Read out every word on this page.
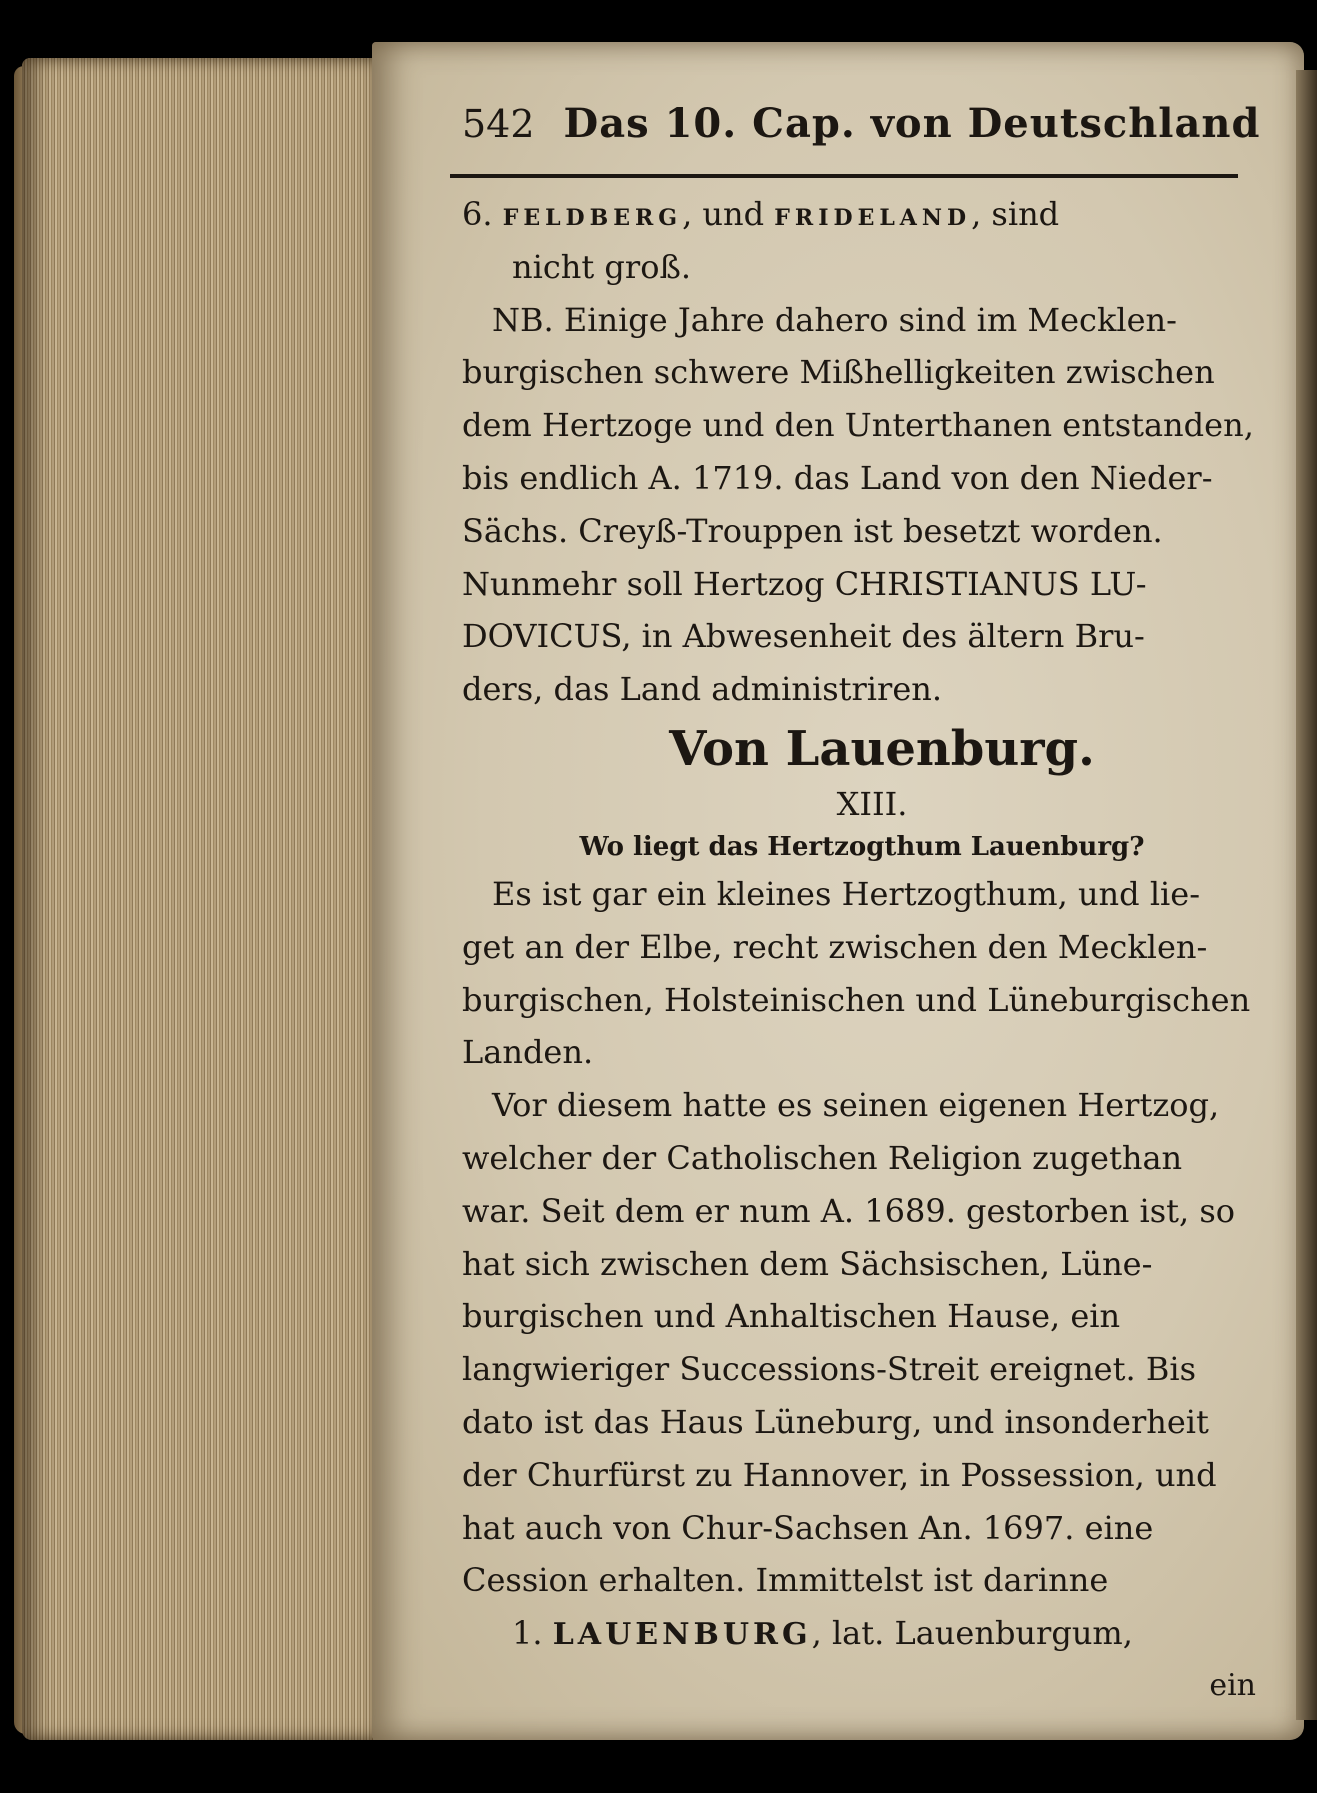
542 Das 10. Cap. von Deutschland
6. FELDBERG, und FRIDELAND, sind
nicht groß.
NB. Einige Jahre dahero sind im Mecklen-
burgischen schwere Mißhelligkeiten zwischen
dem Hertzoge und den Unterthanen entstanden,
bis endlich A. 1719. das Land von den Nieder-
Sächs. Creyß-Trouppen ist besetzt worden.
Nunmehr soll Hertzog CHRISTIANUS LU-
DOVICUS, in Abwesenheit des ältern Bru-
ders, das Land administriren.
Von Lauenburg.
XIII.
Wo liegt das Hertzogthum Lauenburg?
Es ist gar ein kleines Hertzogthum, und lie-
get an der Elbe, recht zwischen den Mecklen-
burgischen, Holsteinischen und Lüneburgischen
Landen.
Vor diesem hatte es seinen eigenen Hertzog,
welcher der Catholischen Religion zugethan
war. Seit dem er num A. 1689. gestorben ist, so
hat sich zwischen dem Sächsischen, Lüne-
burgischen und Anhaltischen Hause, ein
langwieriger Successions-Streit ereignet. Bis
dato ist das Haus Lüneburg, und insonderheit
der Churfürst zu Hannover, in Possession, und
hat auch von Chur-Sachsen An. 1697. eine
Cession erhalten. Immittelst ist darinne
1. LAUENBURG, lat. Lauenburgum,
ein
